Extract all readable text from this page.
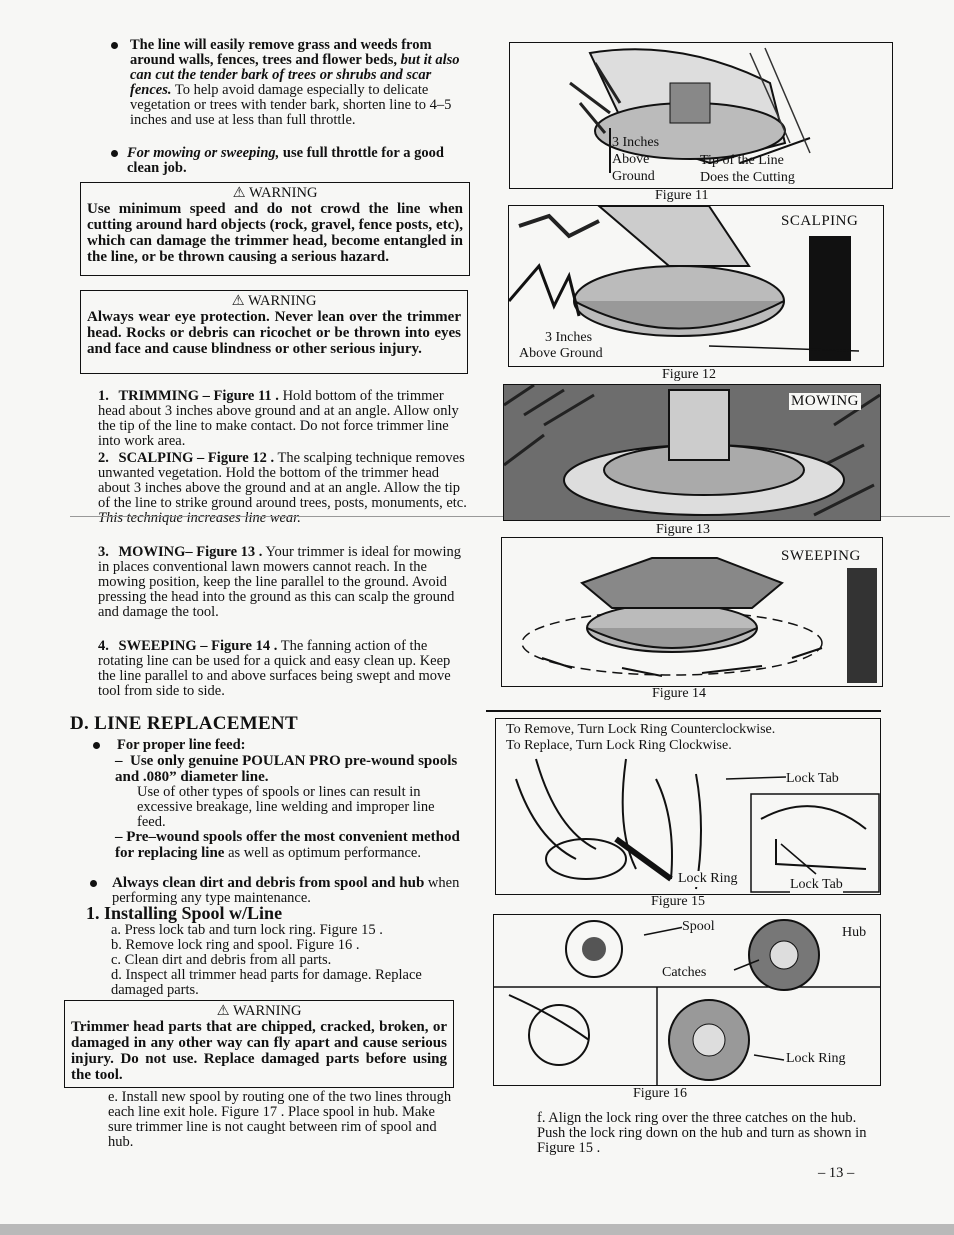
The line will easily remove grass and weeds from around walls, fences, trees and flower beds, but it also can cut the tender bark of trees or shrubs and scar fences. To help avoid damage especially to delicate vegetation or trees with tender bark, shorten line to 4–5 inches and use at less than full throttle.
For mowing or sweeping, use full throttle for a good clean job.
⚠ WARNING
Use minimum speed and do not crowd the line when cutting around hard objects (rock, gravel, fence posts, etc), which can damage the trimmer head, become entangled in the line, or be thrown causing a serious hazard.
⚠ WARNING
Always wear eye protection. Never lean over the trimmer head. Rocks or debris can ricochet or be thrown into eyes and face and cause blindness or other serious injury.
1. TRIMMING – Figure 11 . Hold bottom of the trimmer head about 3 inches above ground and at an angle. Allow only the tip of the line to make contact. Do not force trimmer line into work area.
2. SCALPING – Figure 12 . The scalping technique removes unwanted vegetation. Hold the bottom of the trimmer head about 3 inches above the ground and at an angle. Allow the tip of the line to strike ground around trees, posts, monuments, etc. This technique increases line wear.
3. MOWING– Figure 13 . Your trimmer is ideal for mowing in places conventional lawn mowers cannot reach. In the mowing position, keep the line parallel to the ground. Avoid pressing the head into the ground as this can scalp the ground and damage the tool.
4. SWEEPING – Figure 14 . The fanning action of the rotating line can be used for a quick and easy clean up. Keep the line parallel to and above surfaces being swept and move tool from side to side.
3 Inches
Above
Ground
Tip of the Line
Does the Cutting
Figure 11
SCALPING
3 Inches
Above Ground
Figure 12
MOWING
Figure 13
SWEEPING
Figure 14
D. LINE REPLACEMENT
For proper line feed:
–  Use only genuine POULAN PRO pre-wound spools and .080” diameter line.
Use of other types of spools or lines can result in excessive breakage, line welding and improper line feed.
– Pre–wound spools offer the most convenient method for replacing line as well as optimum performance.
Always clean dirt and debris from spool and hub when performing any type maintenance.
1. Installing Spool w/Line
a. Press lock tab and turn lock ring. Figure 15 .
b. Remove lock ring and spool. Figure 16 .
c. Clean dirt and debris from all parts.
d. Inspect all trimmer head parts for damage. Replace damaged parts.
⚠ WARNING
Trimmer head parts that are chipped, cracked, broken, or damaged in any other way can fly apart and cause serious injury. Do not use. Replace damaged parts before using the tool.
e. Install new spool by routing one of the two lines through each line exit hole. Figure 17 . Place spool in hub. Make sure trimmer line is not caught between rim of spool and hub.
To Remove, Turn Lock Ring Counterclockwise.
To Replace, Turn Lock Ring Clockwise.
Lock Tab
Lock Ring	Lock Tab
Figure 15
Spool	Hub
Catches
Lock Ring
Figure 16
f. Align the lock ring over the three catches on the hub. Push the lock ring down on the hub and turn as shown in Figure 15 .
– 13 –
